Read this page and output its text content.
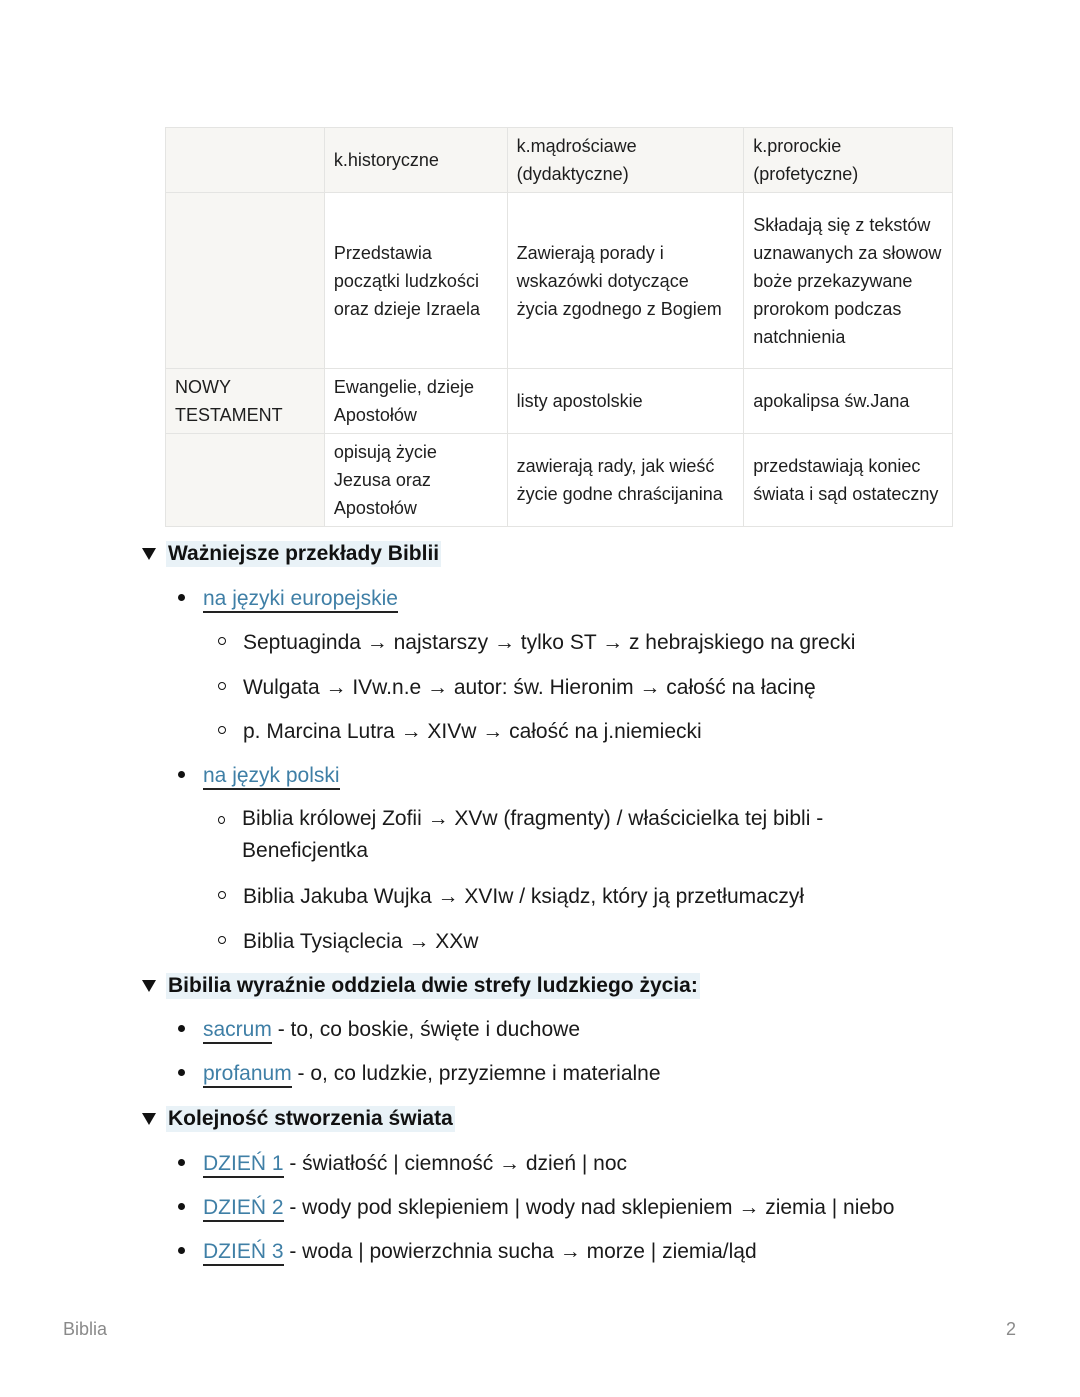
	k.historyczne	k.mądrościawe (dydaktyczne)	k.prorockie (profetyczne)
	Przedstawia początki ludzkości oraz dzieje Izraela	Zawierają porady i wskazówki dotyczące życia zgodnego z Bogiem	Składają się z tekstów uznawanych za słowow boże przekazywane prorokom podczas natchnienia
NOWY TESTAMENT	Ewangelie, dzieje Apostołów	listy apostolskie	apokalipsa św.Jana
	opisują życie Jezusa oraz Apostołów	zawierają rady, jak wieść życie godne chraścijanina	przedstawiają koniec świata i sąd ostateczny
Ważniejsze przekłady Biblii
na języki europejskie
Septuaginda → najstarszy → tylko ST → z hebrajskiego na grecki
Wulgata → IVw.n.e → autor: św. Hieronim → całość na łacinę
p. Marcina Lutra → XIVw → całość na j.niemiecki
na język polski
Biblia królowej Zofii → XVw (fragmenty) / właścicielka tej bibli - Beneficjentka
Biblia Jakuba Wujka → XVIw / ksiądz, który ją przetłumaczył
Biblia Tysiąclecia → XXw
Bibilia wyraźnie oddziela dwie strefy ludzkiego życia:
sacrum - to, co boskie, święte i duchowe
profanum - o, co ludzkie, przyziemne i materialne
Kolejność stworzenia świata
DZIEŃ 1 - światłość | ciemność → dzień | noc
DZIEŃ 2 - wody pod sklepieniem | wody nad sklepieniem → ziemia | niebo
DZIEŃ 3 - woda | powierzchnia sucha → morze | ziemia/ląd
Biblia	2
